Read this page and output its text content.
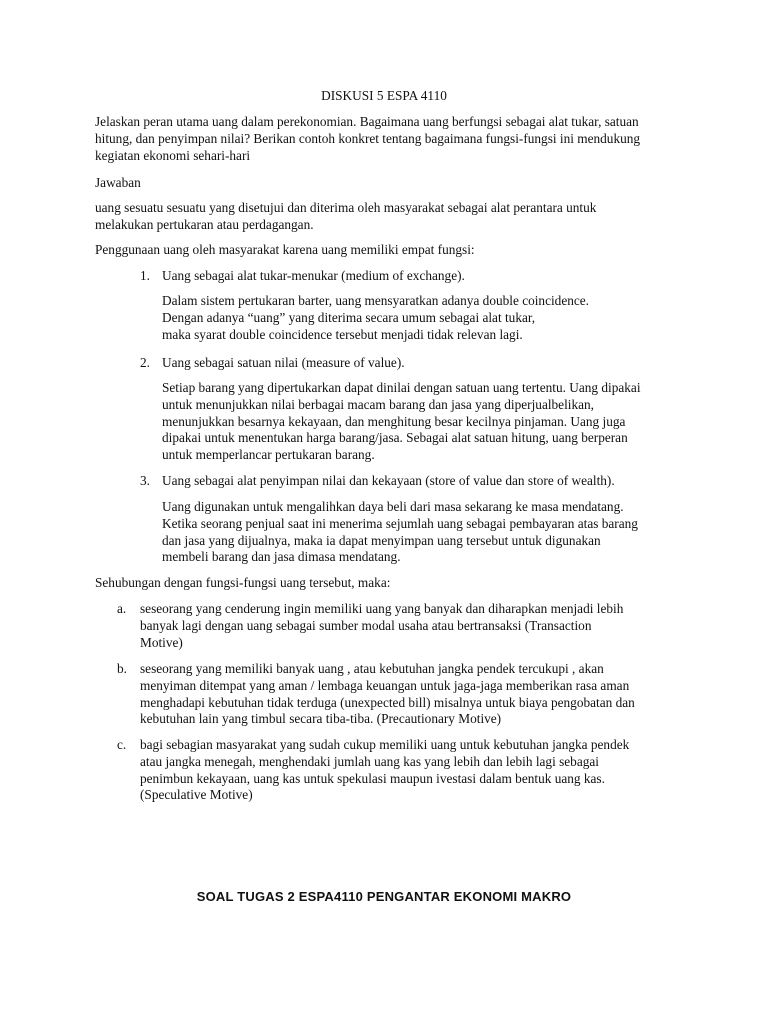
DISKUSI 5 ESPA 4110
Jelaskan peran utama uang dalam perekonomian. Bagaimana uang berfungsi sebagai alat tukar, satuan
hitung, dan penyimpan nilai? Berikan contoh konkret tentang bagaimana fungsi-fungsi ini mendukung
kegiatan ekonomi sehari-hari
Jawaban
uang sesuatu sesuatu yang disetujui dan diterima oleh masyarakat sebagai alat perantara untuk
melakukan pertukaran atau perdagangan.
Penggunaan uang oleh masyarakat karena uang memiliki empat fungsi:
1. Uang sebagai alat tukar-menukar (medium of exchange).
Dalam sistem pertukaran barter, uang mensyaratkan adanya double coincidence.
Dengan adanya “uang” yang diterima secara umum sebagai alat tukar,
maka syarat double coincidence tersebut menjadi tidak relevan lagi.
2. Uang sebagai satuan nilai (measure of value).
Setiap barang yang dipertukarkan dapat dinilai dengan satuan uang tertentu. Uang dipakai
untuk menunjukkan nilai berbagai macam barang dan jasa yang diperjualbelikan,
menunjukkan besarnya kekayaan, dan menghitung besar kecilnya pinjaman. Uang juga
dipakai untuk menentukan harga barang/jasa. Sebagai alat satuan hitung, uang berperan
untuk memperlancar pertukaran barang.
3. Uang sebagai alat penyimpan nilai dan kekayaan (store of value dan store of wealth).
Uang digunakan untuk mengalihkan daya beli dari masa sekarang ke masa mendatang.
Ketika seorang penjual saat ini menerima sejumlah uang sebagai pembayaran atas barang
dan jasa yang dijualnya, maka ia dapat menyimpan uang tersebut untuk digunakan
membeli barang dan jasa dimasa mendatang.
Sehubungan dengan fungsi-fungsi uang tersebut, maka:
a. seseorang yang cenderung ingin memiliki uang yang banyak dan diharapkan menjadi lebih
banyak lagi dengan uang sebagai sumber modal usaha atau bertransaksi (Transaction
Motive)
b. seseorang yang memiliki banyak uang , atau kebutuhan jangka pendek tercukupi , akan
menyiman ditempat yang aman / lembaga keuangan untuk jaga-jaga memberikan rasa aman
menghadapi kebutuhan tidak terduga (unexpected bill) misalnya untuk biaya pengobatan dan
kebutuhan lain yang timbul secara tiba-tiba. (Precautionary Motive)
c. bagi sebagian masyarakat yang sudah cukup memiliki uang untuk kebutuhan jangka pendek
atau jangka menegah, menghendaki jumlah uang kas yang lebih dan lebih lagi sebagai
penimbun kekayaan, uang kas untuk spekulasi maupun ivestasi dalam bentuk uang kas.
(Speculative Motive)
SOAL TUGAS 2 ESPA4110 PENGANTAR EKONOMI MAKRO
